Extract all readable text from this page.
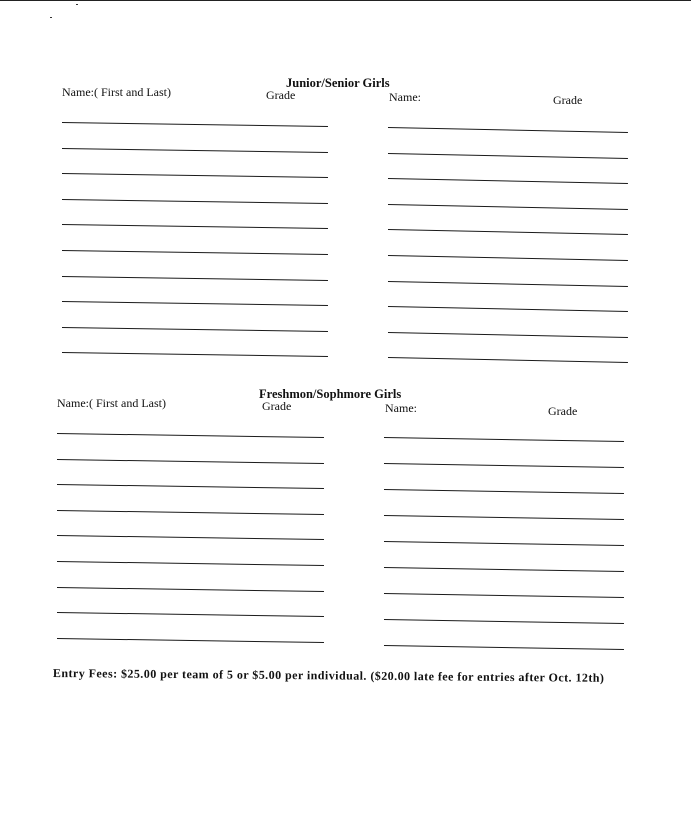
Junior/Senior Girls
Name:( First and Last)	Grade	Name:	Grade
Freshmon/Sophmore Girls
Name:( First and Last)	Grade	Name:	Grade
Entry Fees: $25.00 per team of 5 or $5.00 per individual. ($20.00 late fee for entries after Oct. 12th)
